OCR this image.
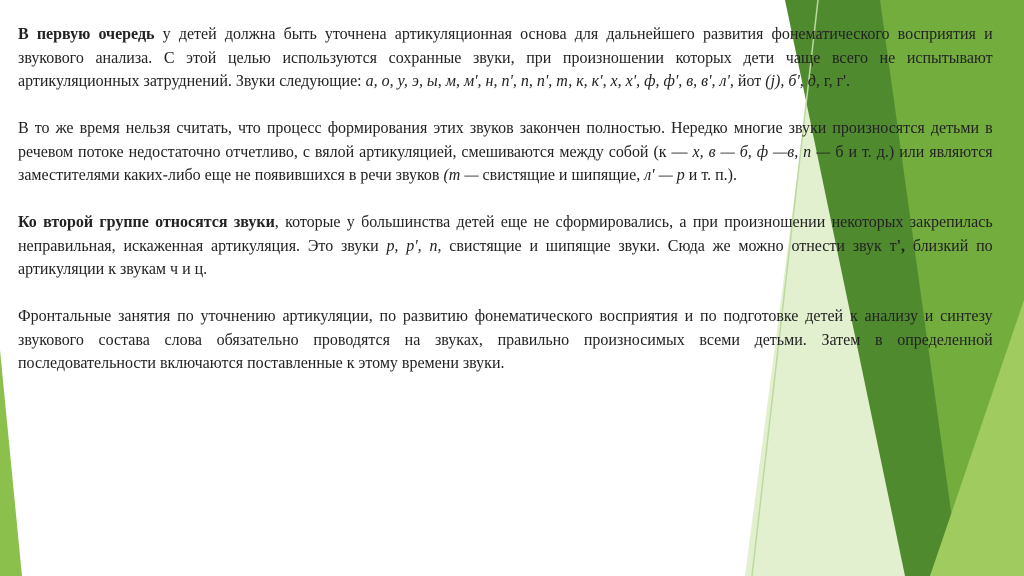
В первую очередь у детей должна быть уточнена артикуляционная основа для дальнейшего развития фонематического восприятия и звукового анализа. С этой целью используются сохранные звуки, при произношении которых дети чаще всего не испытывают артикуляционных затруднений. Звуки следующие: а, о, у, э, ы, м, м', н, п', п, п', т, к, к', х, х', ф, ф', в, в', л', йот (j), б', д, г, г'.

В то же время нельзя считать, что процесс формирования этих звуков закончен полностью. Нередко многие звуки произносятся детьми в речевом потоке недостаточно отчетливо, с вялой артикуляцией, смешиваются между собой (к — х, в — б, ф —в, п — б и т. д.) или являются заместителями каких-либо еще не появившихся в речи звуков (т — свистящие и шипящие, л' — р и т. п.).

Ко второй группе относятся звуки, которые у большинства детей еще не сформировались, а при произношении некоторых закрепилась неправильная, искаженная артикуляция. Это звуки р, р', п, свистящие и шипящие звуки. Сюда же можно отнести звук т', близкий по артикуляции к звукам ч и ц.

Фронтальные занятия по уточнению артикуляции, по развитию фонематического восприятия и по подготовке детей к анализу и синтезу звукового состава слова обязательно проводятся на звуках, правильно произносимых всеми детьми. Затем в определенной последовательности включаются поставленные к этому времени звуки.
